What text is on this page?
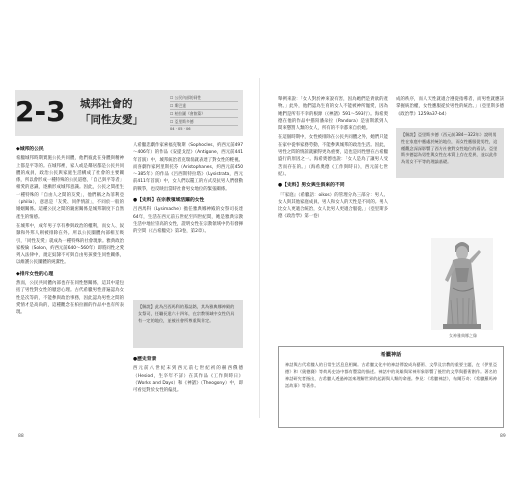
2-3 城邦社會的
「同性友愛」
☐ 公民內部的同性
☐ 斯巴達
☐ 柏拉圖《會飲篇》
☐ 亞里斯多德
04 · 05 · 06
◆城邦的公民

希臘城邦時期實施公民共同體，他們彼此在身體與精神上都是平等的。在城邦裡，家人或是鄰居都是公民共同體的成員，政治公民與家庭生活構成了社會的主要關係，所以會形成一種特殊的公民道德，「自己與平等者」相愛的意識，逐漸形成城邦意識。因此，公民之間產生一種特殊的「自由人之間的友愛」，他們稱之為菲利亞（philia），意思是「友愛、同伴情誼」，不同於一般的婚姻關係。這種公民之間的親密關係是城邦制度下自然產生的情感。

在城邦中，成年男子享有參與政治的權利，而女人、奴隸和外邦人則被排除在外。所以公民團體內部相互吸引，「同性友愛」就成為一種特殊的社會現象。雅典政治家梭倫（Solon，約西元前640～560年）即將同性之愛列入法律中，規定奴隸不可與自由男孩發生同性關係，以維護公民團體的純潔性。

◆排斥女性的心理

然而，公民共同體內部也存在同性戀關係，這其中還包括了男性對女性的厭惡心理。古代希臘男性普遍認為女性是次等的，不能參與政治事務，因此認為男性之間的愛情才是高尚的，這種觀念在柏拉圖的作品中也有所表現。

人希臘悲劇作家索福克勒斯（Sophocles，約西元前497～406年）的作品《安提戈涅》（Antigone，西元前441年首演）中，城邦統治者克瑞翁就表達了對女性的輕視。而喜劇作家阿里斯托芬（Aristophanes，約西元前450～385年）的作品《呂西斯特拉塔》（Lysistrata，西元前411年首演）中，女人們以罷工的方式反抗男人們發動的戰爭，也反映出當時社會男女地位的緊張關係。

●【史料】在宗教領域活躍的女性

呂西馬科（Lysimache）擔任雅典娜神殿的女祭司長達64年，生活在西元前五世紀至四世紀間，她是雅典宗教生活中地位崇高的女性，證明女性在宗教領域中仍有發揮的空間（《古希臘史》第3卷，第2章）。

【解說】此為呂西馬科的墓誌銘，其為雅典娜神殿的女祭司，任職長達六十四年，在宗教領域中女性仍具有一定的地位，並被社會所尊重與肯定。
●歷史背景

西元前八世紀末到西元前七世紀初的赫西俄德（Hesiod，生卒年不詳）在其作品《工作與時日》（Works and Days）和《神譜》（Theogony）中，即可看見對於女性的偏見。

舉例來說：「女人對於神來說有害，因為她們是貪欲的產物。」此外，他們認為生育的女人不能被神所寵愛，因為她們是所有不幸的根源（《神譜》591～593行）。海希奧德在他的作品中描寫潘朵拉（Pandora）是宙斯派到人間來懲罰人類的女人，所有的不幸都來自於她。

在這個時期中，女性被排除在公民共同體之外，她們只能在家中從事家務勞動，不能參與城邦的政治生活。因此，男性之間的情誼就顯得更為重要，這也是同性戀在古希臘盛行的原因之一。海希奧德也說：「女人是為了讓男人受苦而存在的。」（海希奧德《工作與時日》，西元前七世紀）。

●【史料】男女與生俱來的不同

「『家庭』（希臘語：oikos）的管理分為三部分：男人、女人與其他家庭成員。男人和女人的天性是不同的。男人比女人更適合統治，女人比男人更適合服從。」（亞里斯多德《政治學》第一卷）

成的秩序，而人天性就適合遵從指導者，而男性就應該掌握統治權，女性應服從於男性的統治。」（亞里斯多德《政治學》1259a37-b4）

【解說】亞里斯多德（西元前384～322年）說明男性在家庭中應處於統治地位，而女性應服從男性，這種觀念深深影響了西方社會對女性地位的看法。亞里斯多德認為男性與女性在本質上存在差異，並以此作為男女不平等的理論基礎。
女神雅典娜之像
希臘神話
神話與古代希臘人的日常生活息息相關。古希臘文化中的神話傳說成為藝術、文學及宗教的重要主題，在《伊里亞德》和《奧德賽》等荷馬史詩中都有豐富的描述。神話中的英雄與眾神形象影響了後世的文學與藝術創作。著名的神話研究者指出，古希臘人透過神話來理解世界的起源與人類的命運。參見：《希臘神話》，布爾芬奇；《希臘羅馬神話故事》等著作。
88	89
